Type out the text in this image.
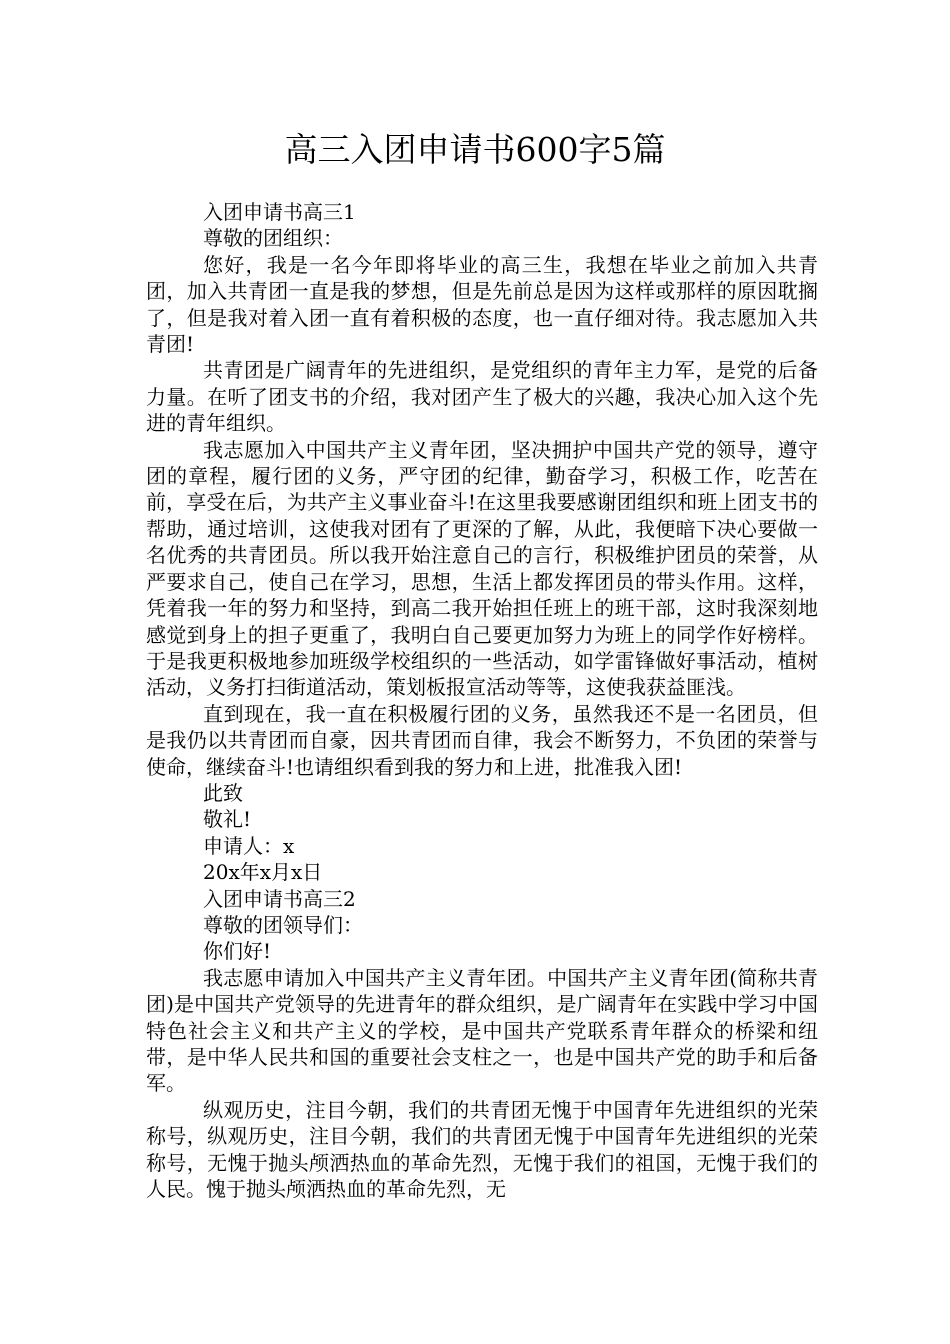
高三入团申请书600字5篇

入团申请书高三1

尊敬的团组织：

您好，我是一名今年即将毕业的高三生，我想在毕业之前加入共青团，加入共青团一直是我的梦想，但是先前总是因为这样或那样的原因耽搁了，但是我对着入团一直有着积极的态度，也一直仔细对待。我志愿加入共青团!

共青团是广阔青年的先进组织，是党组织的青年主力军，是党的后备力量。在听了团支书的介绍，我对团产生了极大的兴趣，我决心加入这个先进的青年组织。

我志愿加入中国共产主义青年团，坚决拥护中国共产党的领导，遵守团的章程，履行团的义务，严守团的纪律，勤奋学习，积极工作，吃苦在前，享受在后，为共产主义事业奋斗!在这里我要感谢团组织和班上团支书的帮助，通过培训，这使我对团有了更深的了解，从此，我便暗下决心要做一名优秀的共青团员。所以我开始注意自己的言行，积极维护团员的荣誉，从严要求自己，使自己在学习，思想，生活上都发挥团员的带头作用。这样，凭着我一年的努力和坚持，到高二我开始担任班上的班干部，这时我深刻地感觉到身上的担子更重了，我明白自己要更加努力为班上的同学作好榜样。于是我更积极地参加班级学校组织的一些活动，如学雷锋做好事活动，植树活动，义务打扫街道活动，策划板报宣活动等等，这使我获益匪浅。

直到现在，我一直在积极履行团的义务，虽然我还不是一名团员，但是我仍以共青团而自豪，因共青团而自律，我会不断努力，不负团的荣誉与使命，继续奋斗!也请组织看到我的努力和上进，批准我入团!

此致

敬礼!

申请人：x

20x年x月x日

入团申请书高三2

尊敬的团领导们：

你们好!

我志愿申请加入中国共产主义青年团。中国共产主义青年团(简称共青团)是中国共产党领导的先进青年的群众组织，是广阔青年在实践中学习中国特色社会主义和共产主义的学校，是中国共产党联系青年群众的桥梁和纽带，是中华人民共和国的重要社会支柱之一，也是中国共产党的助手和后备军。

纵观历史，注目今朝，我们的共青团无愧于中国青年先进组织的光荣称号，纵观历史，注目今朝，我们的共青团无愧于中国青年先进组织的光荣称号，无愧于抛头颅洒热血的革命先烈，无愧于我们的祖国，无愧于我们的人民。愧于抛头颅洒热血的革命先烈，无
